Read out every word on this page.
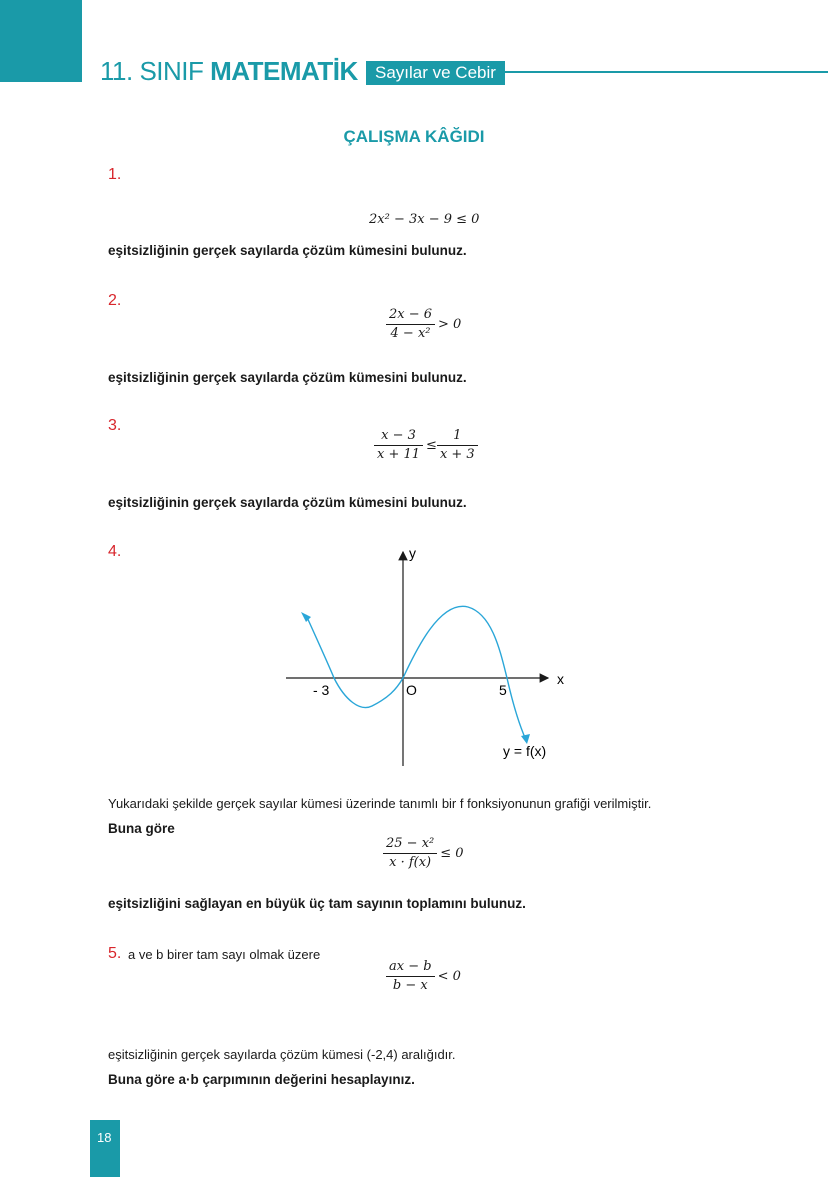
11. SINIF MATEMATİK	Sayılar ve Cebir
ÇALIŞMA KÂĞIDI
1.
2x² − 3x − 9 ≤ 0
eşitsizliğinin gerçek sayılarda çözüm kümesini bulunuz.
2.
$\frac{2x - 6}{\text{4 − x²}} > 0$
eşitsizliğinin gerçek sayılarda çözüm kümesini bulunuz.
3.
$\frac{x - 3}{x + 11} \le \frac{1}{x + 3}$
eşitsizliğinin gerçek sayılarda çözüm kümesini bulunuz.
4.	y
x
O
- 3	5
y = f(x)
Yukarıdaki şekilde gerçek sayılar kümesi üzerinde tanımlı bir f fonksiyonunun grafiği verilmiştir.
Buna göre
$\frac{\text{25 − x²}}{x \cdot f(x)} \le 0$
eşitsizliğini sağlayan en büyük üç tam sayının toplamını bulunuz.
5. a ve b birer tam sayı olmak üzere
$\frac{ax - b}{b - x} < 0$
eşitsizliğinin gerçek sayılarda çözüm kümesi (-2,4) aralığıdır.
Buna göre a·b çarpımının değerini hesaplayınız.
18
